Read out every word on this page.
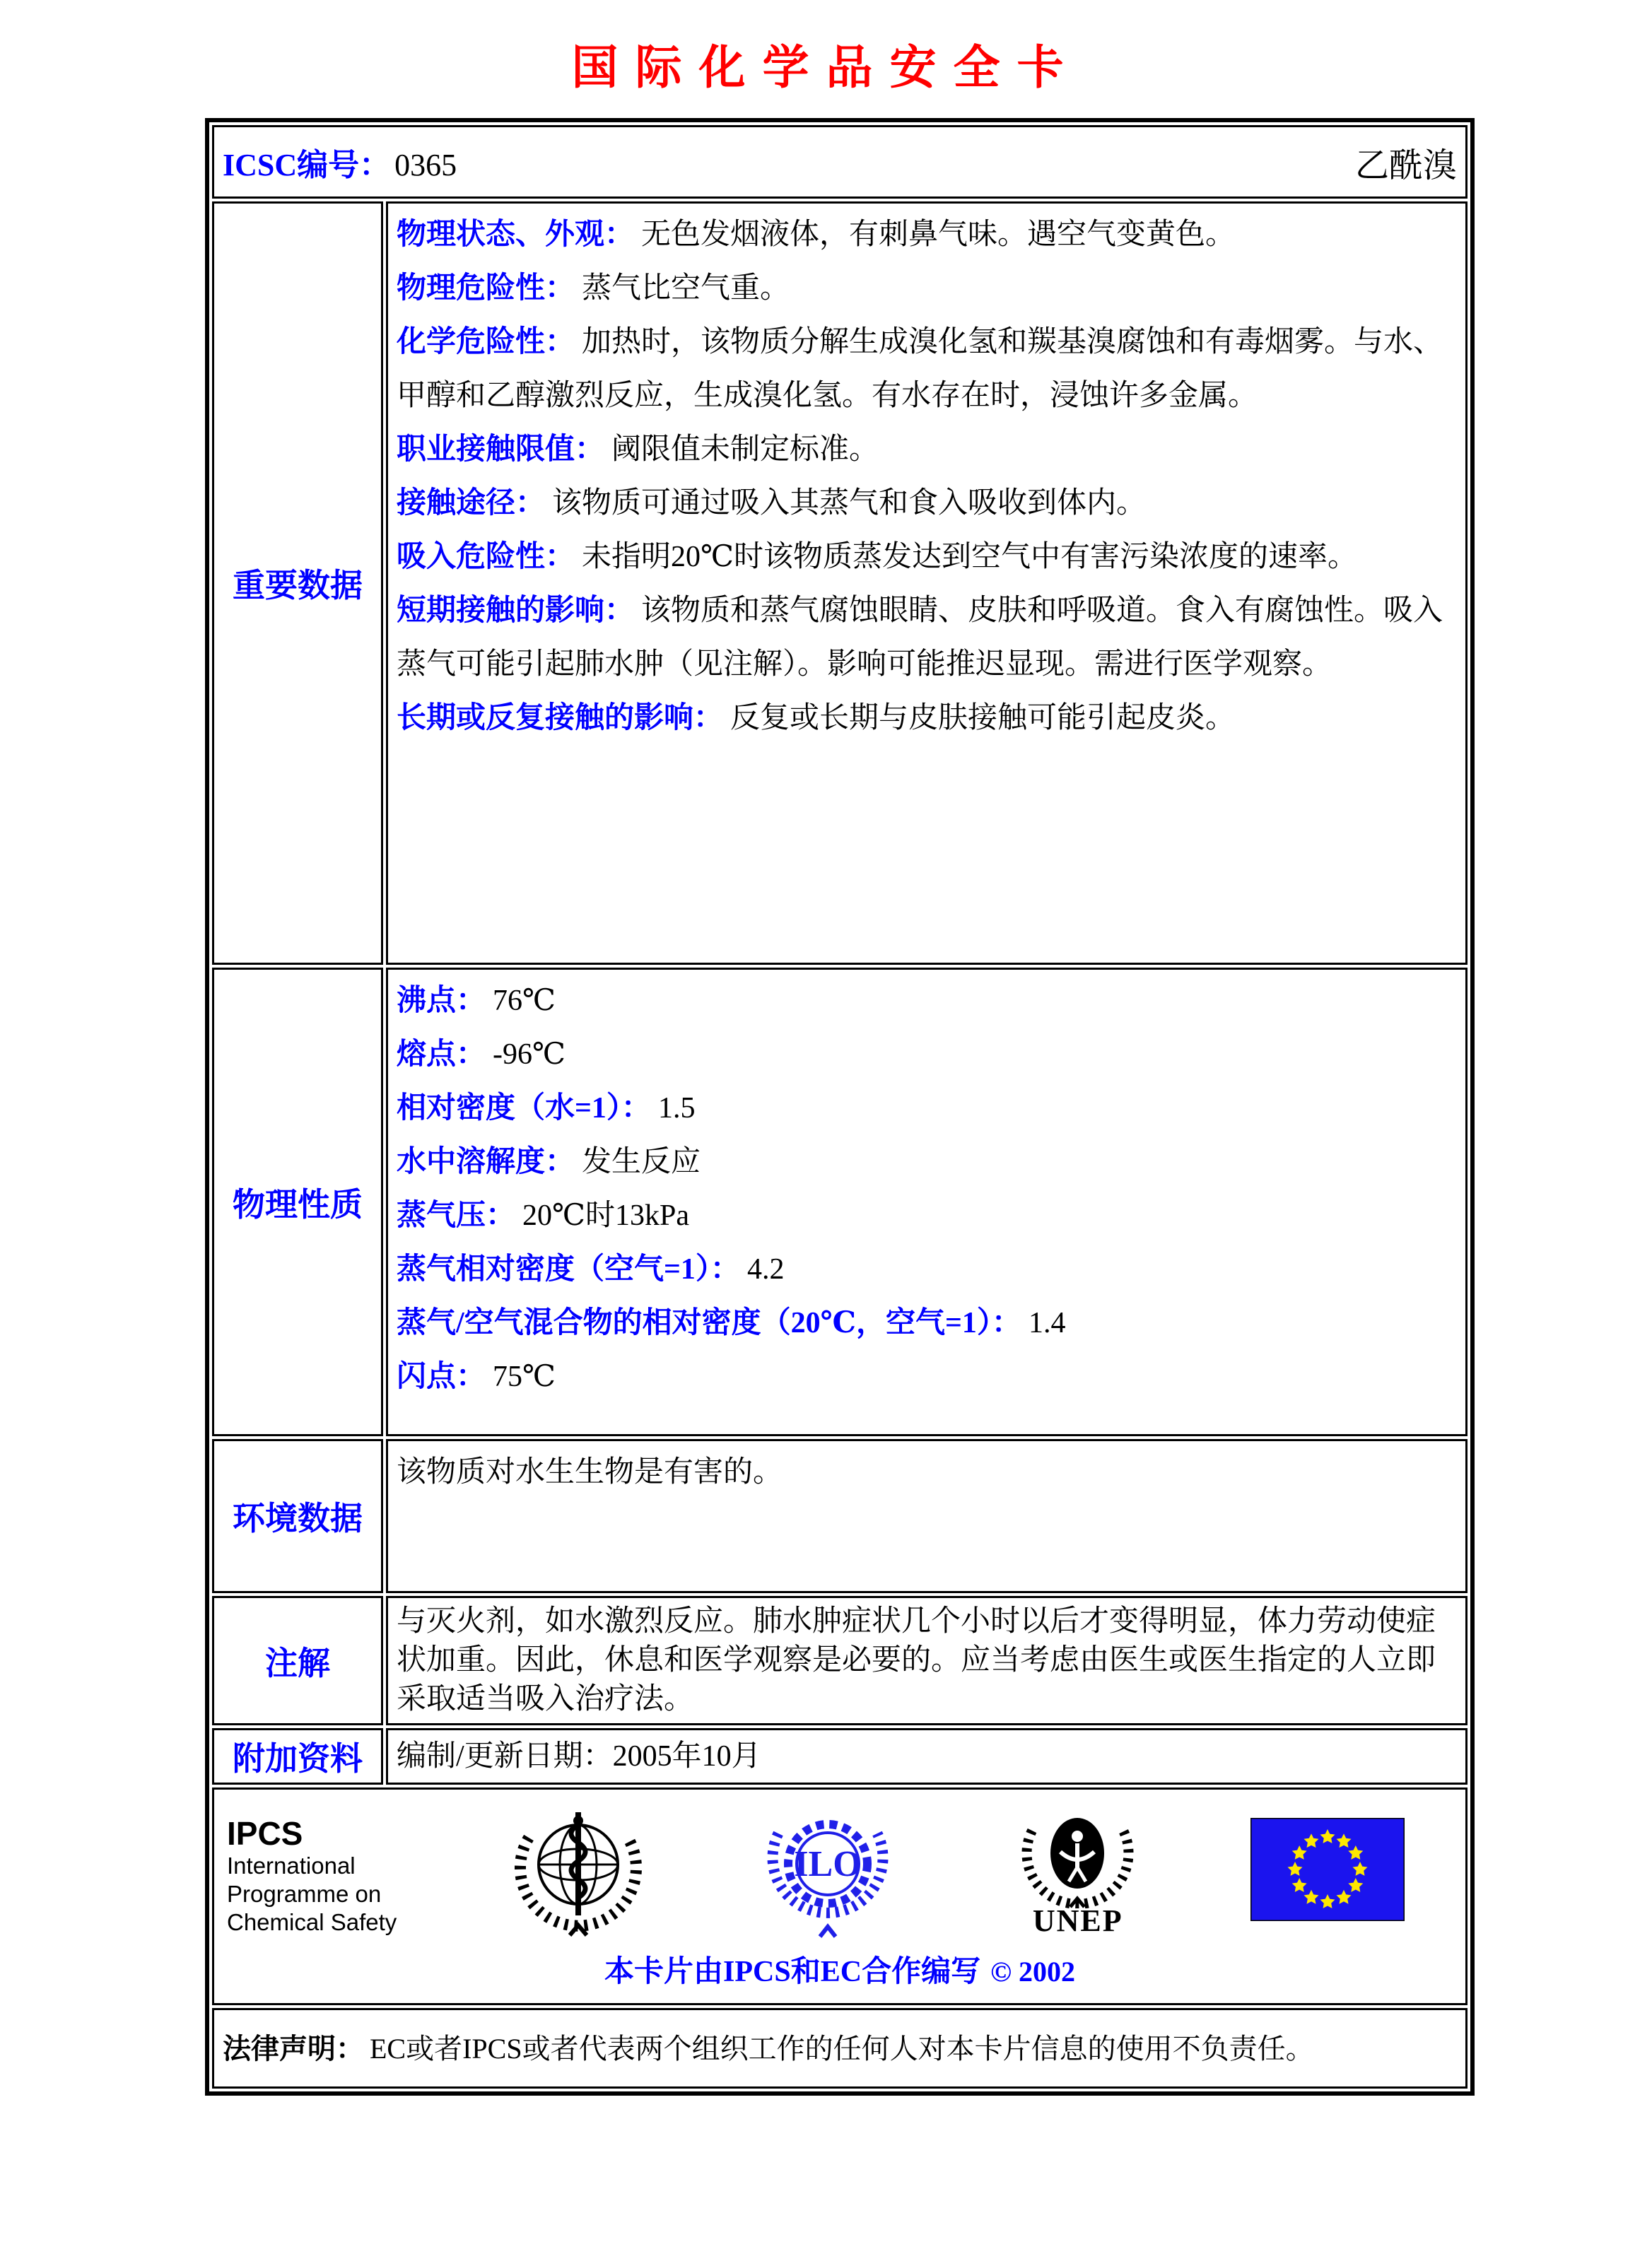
国际化学品安全卡
ICSC编号： 0365 乙酰溴	

重要数据	
物理状态、外观： 无色发烟液体，有刺鼻气味。遇空气变黄色。
物理危险性： 蒸气比空气重。
化学危险性： 加热时，该物质分解生成溴化氢和羰基溴腐蚀和有毒烟雾。与水、甲醇和乙醇激烈反应，生成溴化氢。有水存在时，浸蚀许多金属。
职业接触限值： 阈限值未制定标准。
接触途径： 该物质可通过吸入其蒸气和食入吸收到体内。
吸入危险性： 未指明20℃时该物质蒸发达到空气中有害污染浓度的速率。
短期接触的影响： 该物质和蒸气腐蚀眼睛、皮肤和呼吸道。食入有腐蚀性。吸入蒸气可能引起肺水肿（见注解）。影响可能推迟显现。需进行医学观察。
长期或反复接触的影响： 反复或长期与皮肤接触可能引起皮炎。

物理性质	
沸点： 76℃
熔点： -96℃
相对密度（水=1）： 1.5
水中溶解度： 发生反应
蒸气压： 20℃时13kPa
蒸气相对密度（空气=1）： 4.2
蒸气/空气混合物的相对密度（20℃，空气=1）： 1.4
闪点： 75℃

环境数据	该物质对水生生物是有害的。
注解	与灭火剂，如水激烈反应。肺水肿症状几个小时以后才变得明显，体力劳动使症状加重。因此，休息和医学观察是必要的。应当考虑由医生或医生指定的人立即采取适当吸入治疗法。
附加资料	编制/更新日期：2005年10月

IPCS
International
Programme on
Chemical Safety
ILO
UNEP
本卡片由IPCS和EC合作编写 © 2002

法律声明： EC或者IPCS或者代表两个组织工作的任何人对本卡片信息的使用不负责任。	
